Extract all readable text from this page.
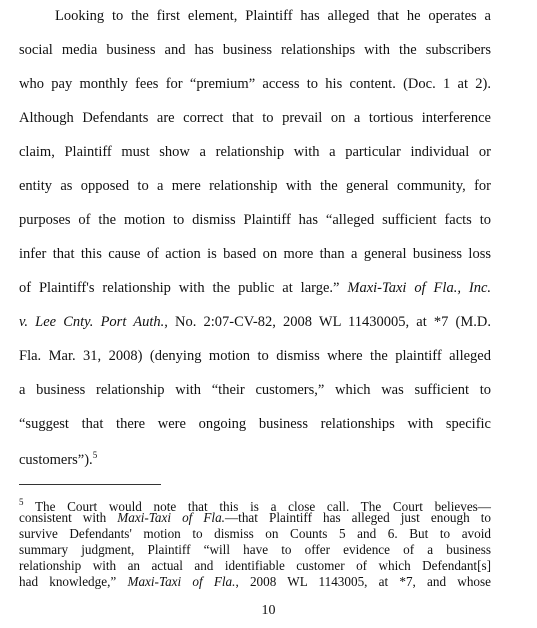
Looking to the first element, Plaintiff has alleged that he operates a
social media business and has business relationships with the subscribers
who pay monthly fees for “premium” access to his content. (Doc. 1 at 2).
Although Defendants are correct that to prevail on a tortious interference
claim, Plaintiff must show a relationship with a particular individual or
entity as opposed to a mere relationship with the general community, for
purposes of the motion to dismiss Plaintiff has “alleged sufficient facts to
infer that this cause of action is based on more than a general business loss
of Plaintiff's relationship with the public at large.” Maxi-Taxi of Fla., Inc.
v. Lee Cnty. Port Auth., No. 2:07-CV-82, 2008 WL 11430005, at *7 (M.D.
Fla. Mar. 31, 2008) (denying motion to dismiss where the plaintiff alleged
a business relationship with “their customers,” which was sufficient to
“suggest that there were ongoing business relationships with specific
customers”).$^5$
$^5$ The Court would note that this is a close call. The Court believes—
consistent with Maxi-Taxi of Fla.—that Plaintiff has alleged just enough to
survive Defendants' motion to dismiss on Counts 5 and 6. But to avoid
summary judgment, Plaintiff “will have to offer evidence of a business
relationship with an actual and identifiable customer of which Defendant[s]
had knowledge,” Maxi-Taxi of Fla., 2008 WL 1143005, at *7, and whose
10
